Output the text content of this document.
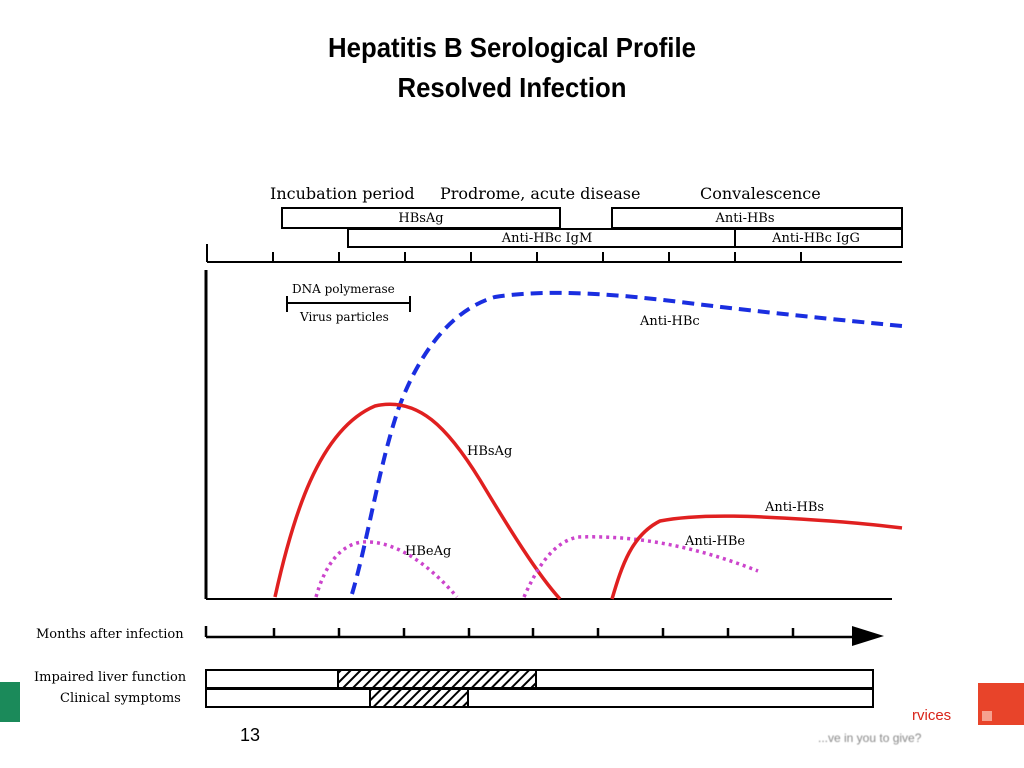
Hepatitis B Serological Profile
Resolved Infection
Incubation period Prodrome, acute disease	Convalescence
HBsAg	Anti-HBs
Anti-HBc IgM	Anti-HBc IgG
DNA polymerase
Virus particles	Anti-HBc
HBsAg
HBeAg
Anti-HBe
Anti-HBs
Months after infection
Impaired liver function
Clinical symptoms
rvices
...ve in you to give?
13
